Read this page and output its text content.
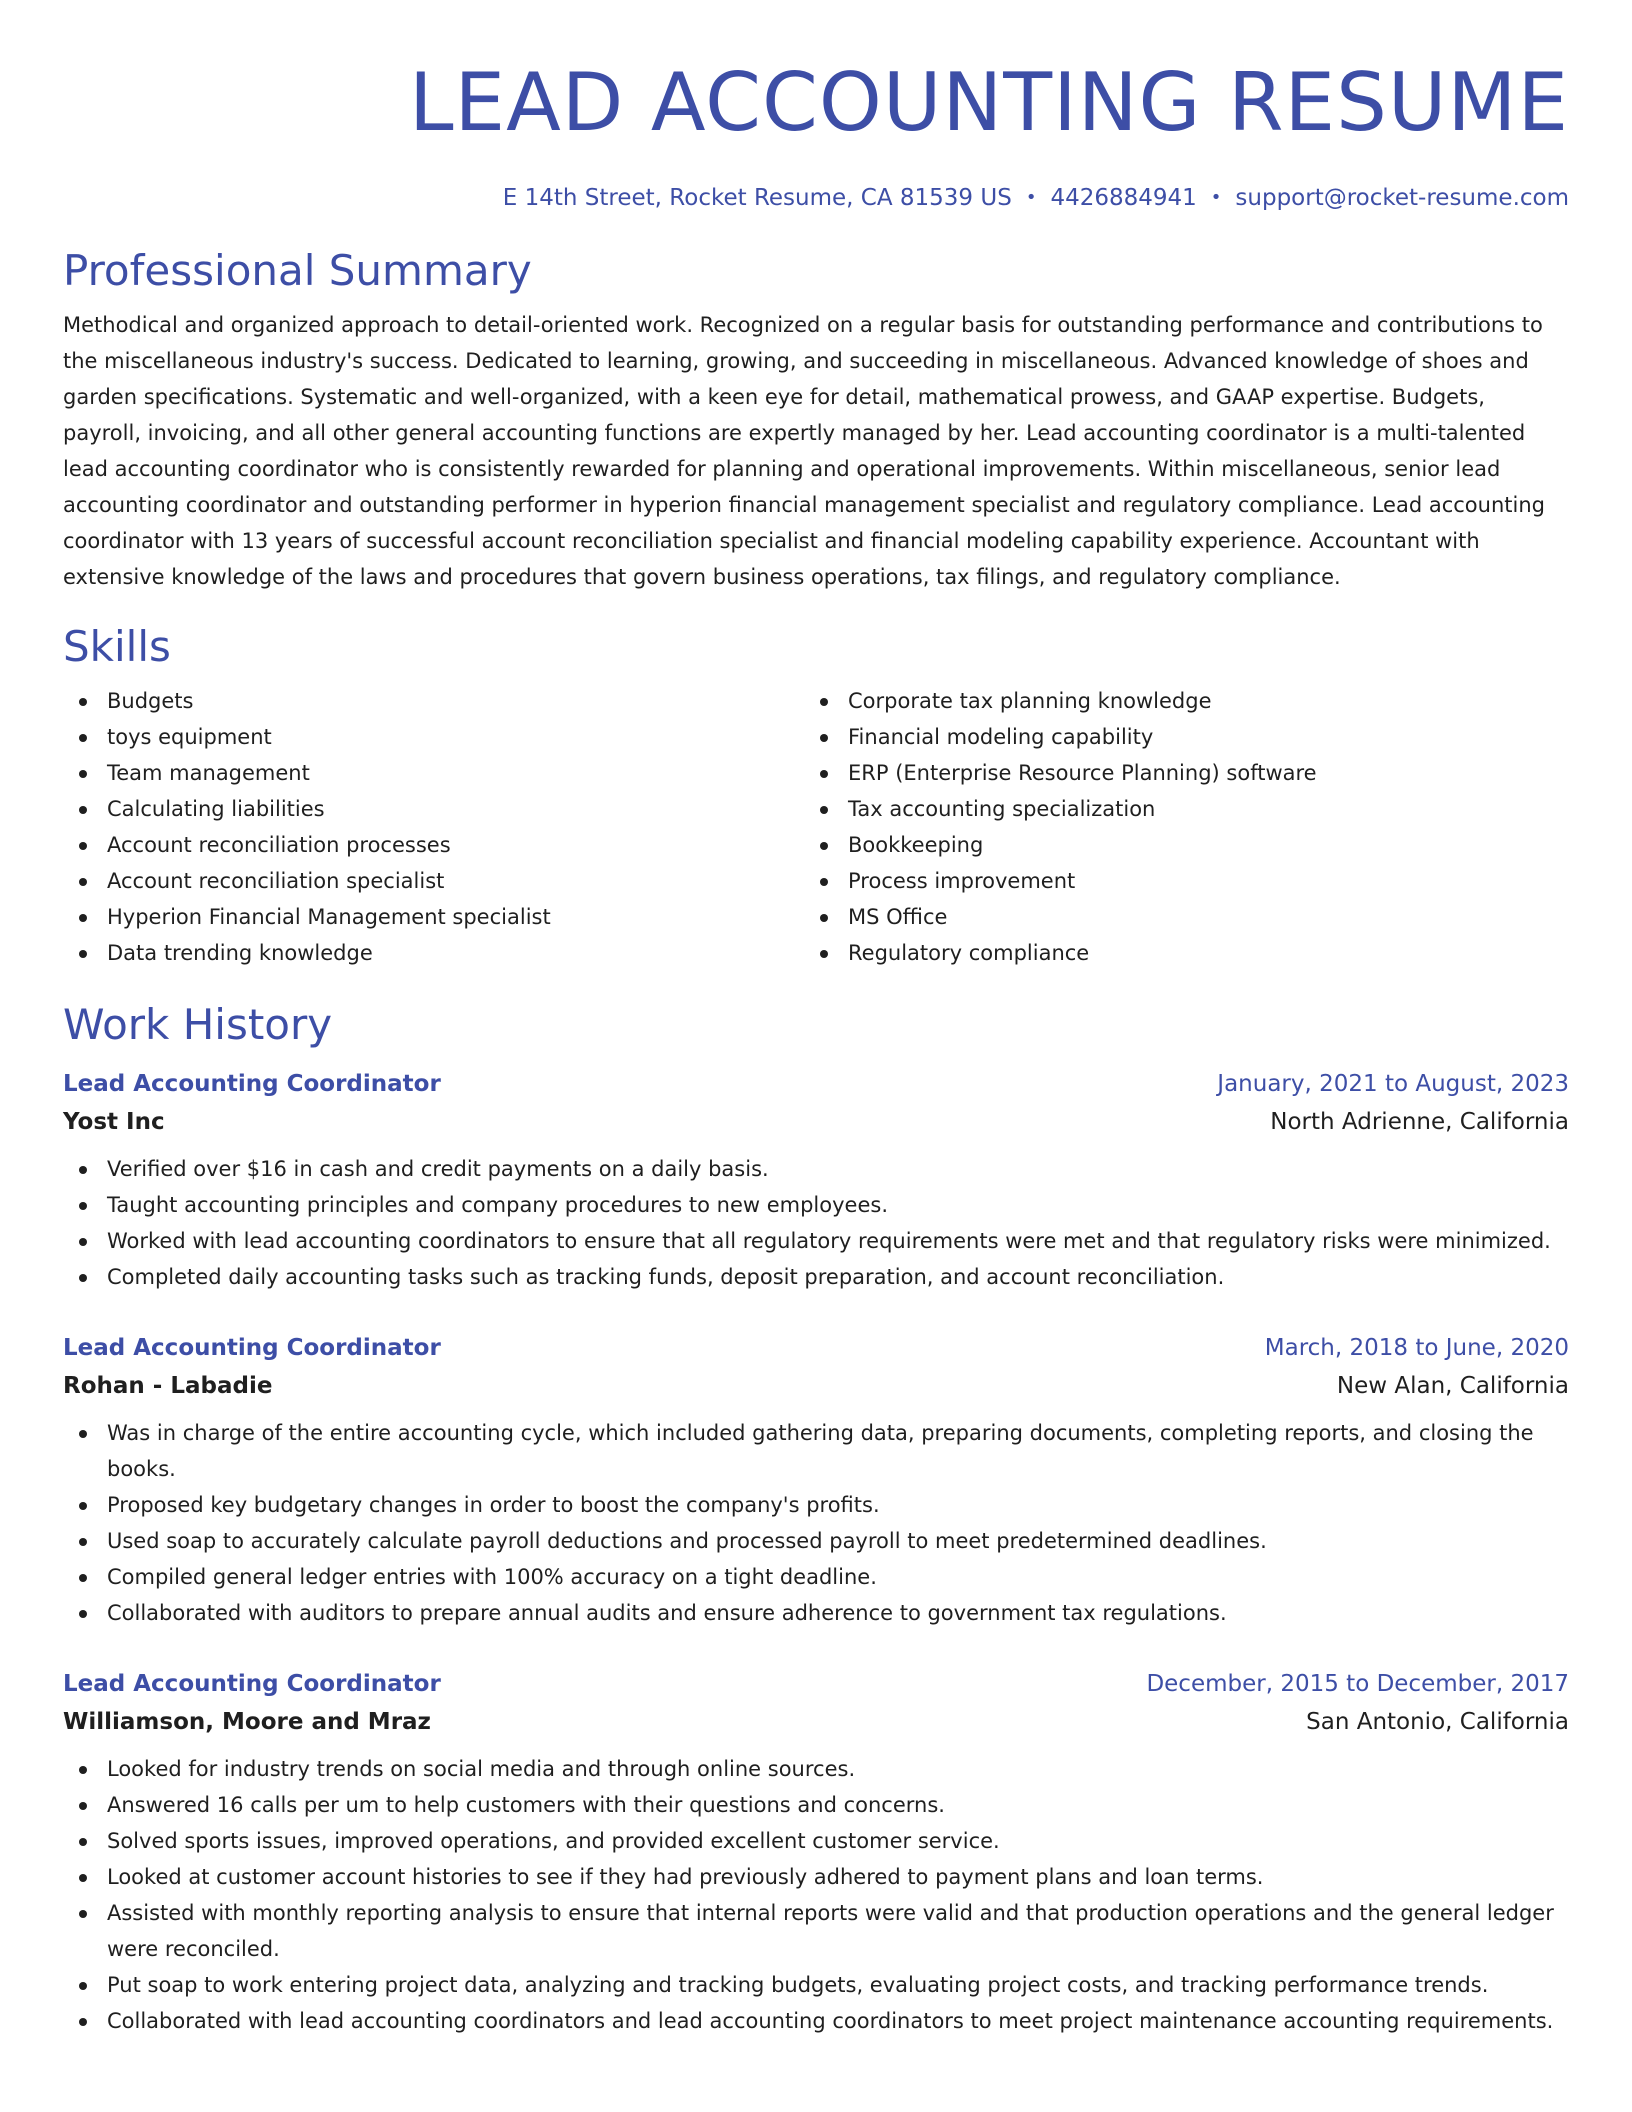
LEAD ACCOUNTING RESUME
E 14th Street, Rocket Resume, CA 81539 US • 4426884941 • support@rocket-resume.com
Professional Summary

Methodical and organized approach to detail-oriented work. Recognized on a regular basis for outstanding performance and contributions to the miscellaneous industry's success. Dedicated to learning, growing, and succeeding in miscellaneous. Advanced knowledge of shoes and garden specifications. Systematic and well-organized, with a keen eye for detail, mathematical prowess, and GAAP expertise. Budgets, payroll, invoicing, and all other general accounting functions are expertly managed by her. Lead accounting coordinator is a multi-talented lead accounting coordinator who is consistently rewarded for planning and operational improvements. Within miscellaneous, senior lead accounting coordinator and outstanding performer in hyperion financial management specialist and regulatory compliance. Lead accounting coordinator with 13 years of successful account reconciliation specialist and financial modeling capability experience. Accountant with extensive knowledge of the laws and procedures that govern business operations, tax filings, and regulatory compliance.

Skills
Budgets
toys equipment
Team management
Calculating liabilities
Account reconciliation processes
Account reconciliation specialist
Hyperion Financial Management specialist
Data trending knowledge
Corporate tax planning knowledge
Financial modeling capability
ERP (Enterprise Resource Planning) software
Tax accounting specialization
Bookkeeping
Process improvement
MS Office
Regulatory compliance
Work History
Lead Accounting Coordinator	January, 2021 to August, 2023
Yost Inc	North Adrienne, California
Verified over $16 in cash and credit payments on a daily basis.
Taught accounting principles and company procedures to new employees.
Worked with lead accounting coordinators to ensure that all regulatory requirements were met and that regulatory risks were minimized.
Completed daily accounting tasks such as tracking funds, deposit preparation, and account reconciliation.
Lead Accounting Coordinator	March, 2018 to June, 2020
Rohan - Labadie	New Alan, California
Was in charge of the entire accounting cycle, which included gathering data, preparing documents, completing reports, and closing the books.
Proposed key budgetary changes in order to boost the company's profits.
Used soap to accurately calculate payroll deductions and processed payroll to meet predetermined deadlines.
Compiled general ledger entries with 100% accuracy on a tight deadline.
Collaborated with auditors to prepare annual audits and ensure adherence to government tax regulations.
Lead Accounting Coordinator	December, 2015 to December, 2017
Williamson, Moore and Mraz	San Antonio, California
Looked for industry trends on social media and through online sources.
Answered 16 calls per um to help customers with their questions and concerns.
Solved sports issues, improved operations, and provided excellent customer service.
Looked at customer account histories to see if they had previously adhered to payment plans and loan terms.
Assisted with monthly reporting analysis to ensure that internal reports were valid and that production operations and the general ledger were reconciled.
Put soap to work entering project data, analyzing and tracking budgets, evaluating project costs, and tracking performance trends.
Collaborated with lead accounting coordinators and lead accounting coordinators to meet project maintenance accounting requirements.
